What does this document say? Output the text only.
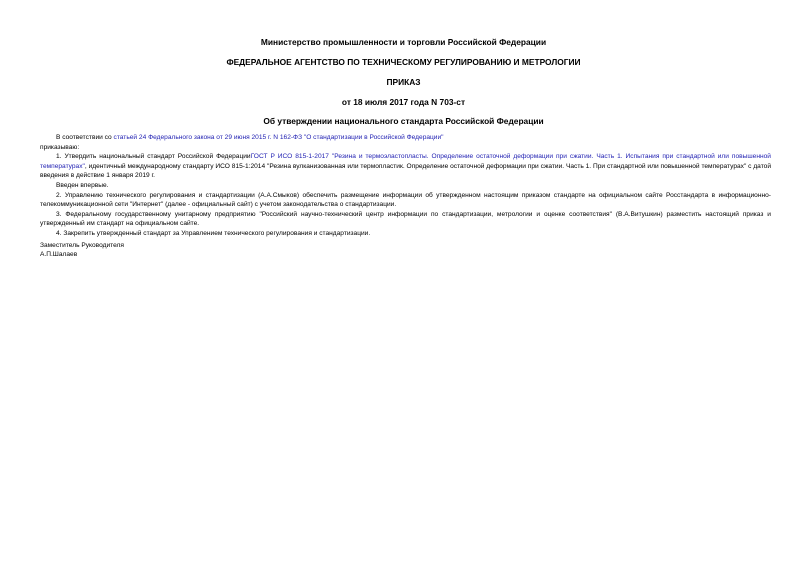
Министерство промышленности и торговли Российской Федерации
ФЕДЕРАЛЬНОЕ АГЕНТСТВО ПО ТЕХНИЧЕСКОМУ РЕГУЛИРОВАНИЮ И МЕТРОЛОГИИ
ПРИКАЗ
от 18 июля 2017 года N 703-ст
Об утверждении национального стандарта Российской Федерации

В соответствии со статьей 24 Федерального закона от 29 июня 2015 г. N 162-ФЗ "О стандартизации в Российской Федерации"

приказываю:

1. Утвердить национальный стандарт Российской ФедерацииГОСТ Р ИСО 815-1-2017 "Резина и термоэластопласты. Определение остаточной деформации при сжатии. Часть 1. Испытания при стандартной или повышенной температурах", идентичный международному стандарту ИСО 815-1:2014 "Резина вулканизованная или термопластик. Определение остаточной деформации при сжатии. Часть 1. При стандартной или повышенной температурах" с датой введения в действие 1 января 2019 г.

Введен впервые.

2. Управлению технического регулирования и стандартизации (А.А.Смыков) обеспечить размещение информации об утвержденном настоящим приказом стандарте на официальном сайте Росстандарта в информационно-телекоммуникационной сети "Интернет" (далее - официальный сайт) с учетом законодательства о стандартизации.

3. Федеральному государственному унитарному предприятию "Российский научно-технический центр информации по стандартизации, метрологии и оценке соответствия" (В.А.Витушкин) разместить настоящий приказ и утвержденный им стандарт на официальном сайте.

4. Закрепить утвержденный стандарт за Управлением технического регулирования и стандартизации.

Заместитель Руководителя

А.П.Шалаев
